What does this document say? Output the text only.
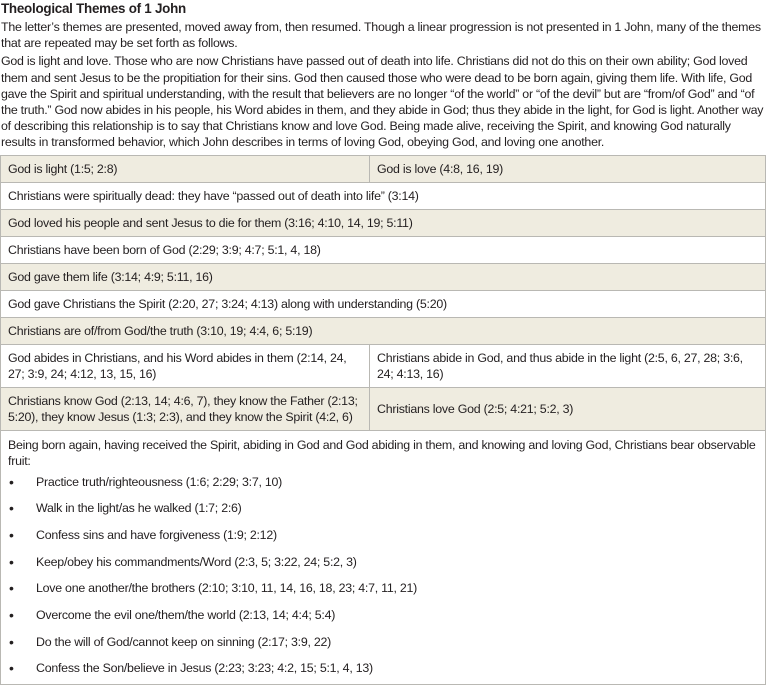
Theological Themes of 1 John

The letter’s themes are presented, moved away from, then resumed. Though a linear progression is not presented in 1 John, many of the themes that are repeated may be set forth as follows.

God is light and love. Those who are now Christians have passed out of death into life. Christians did not do this on their own ability; God loved them and sent Jesus to be the propitiation for their sins. God then caused those who were dead to be born again, giving them life. With life, God gave the Spirit and spiritual understanding, with the result that believers are no longer “of the world” or “of the devil” but are “from/of God” and “of the truth.” God now abides in his people, his Word abides in them, and they abide in God; thus they abide in the light, for God is light. Another way of describing this relationship is to say that Christians know and love God. Being made alive, receiving the Spirit, and knowing God naturally results in transformed behavior, which John describes in terms of loving God, obeying God, and loving one another.

God is light (1:5; 2:8)	God is love (4:8, 16, 19)
Christians were spiritually dead: they have “passed out of death into life” (3:14)	
God loved his people and sent Jesus to die for them (3:16; 4:10, 14, 19; 5:11)	
Christians have been born of God (2:29; 3:9; 4:7; 5:1, 4, 18)	
God gave them life (3:14; 4:9; 5:11, 16)	
God gave Christians the Spirit (2:20, 27; 3:24; 4:13) along with understanding (5:20)	
Christians are of/from God/the truth (3:10, 19; 4:4, 6; 5:19)	
God abides in Christians, and his Word abides in them (2:14, 24, 27; 3:9, 24; 4:12, 13, 15, 16)	Christians abide in God, and thus abide in the light (2:5, 6, 27, 28; 3:6, 24; 4:13, 16)
Christians know God (2:13, 14; 4:6, 7), they know the Father (2:13; 5:20), they know Jesus (1:3; 2:3), and they know the Spirit (4:2, 6)	Christians love God (2:5; 4:21; 5:2, 3)

Being born again, having received the Spirit, abiding in God and God abiding in them, and knowing and loving God, Christians bear observable fruit:
• Practice truth/righteousness (1:6; 2:29; 3:7, 10)
• Walk in the light/as he walked (1:7; 2:6)
• Confess sins and have forgiveness (1:9; 2:12)
• Keep/obey his commandments/Word (2:3, 5; 3:22, 24; 5:2, 3)
• Love one another/the brothers (2:10; 3:10, 11, 14, 16, 18, 23; 4:7, 11, 21)
• Overcome the evil one/them/the world (2:13, 14; 4:4; 5:4)
• Do the will of God/cannot keep on sinning (2:17; 3:9, 22)
• Confess the Son/believe in Jesus (2:23; 3:23; 4:2, 15; 5:1, 4, 13)
